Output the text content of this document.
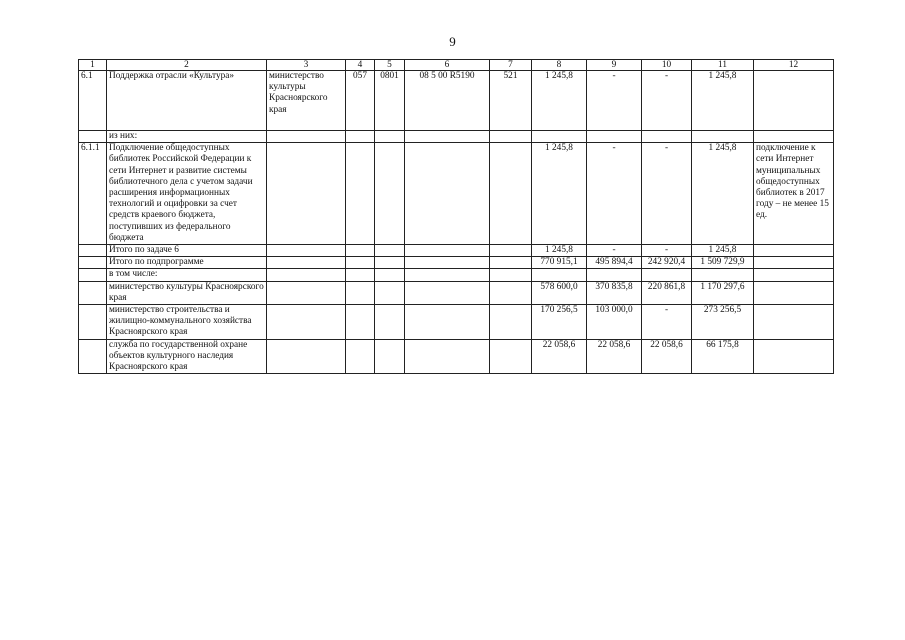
9
1	2	3	4	5	6	7	8	9	10	11	12
6.1	Поддержка отрасли «Культура»	министерство культуры Красноярского края	057	0801	08 5 00 R5190	521	1 245,8	-	-	1 245,8	
	из них:										
6.1.1	Подключение общедоступных библиотек Российской Федерации к сети Интернет и развитие системы библиотечного дела с учетом задачи расширения информационных технологий и оцифровки за счет средств краевого бюджета, поступивших из федерального бюджета						1 245,8	-	-	1 245,8	подключение к сети Интернет муниципальных общедоступных библиотек в 2017 году – не менее 15 ед.
	Итого по задаче 6						1 245,8	-	-	1 245,8	
	Итого по подпрограмме						770 915,1	495 894,4	242 920,4	1 509 729,9	
	в том числе:										
	министерство культуры Красноярского края						578 600,0	370 835,8	220 861,8	1 170 297,6	
	министерство строительства и жилищно-коммунального хозяйства Красноярского края						170 256,5	103 000,0	-	273 256,5	
	служба по государственной охране объектов культурного наследия Красноярского края						22 058,6	22 058,6	22 058,6	66 175,8	
